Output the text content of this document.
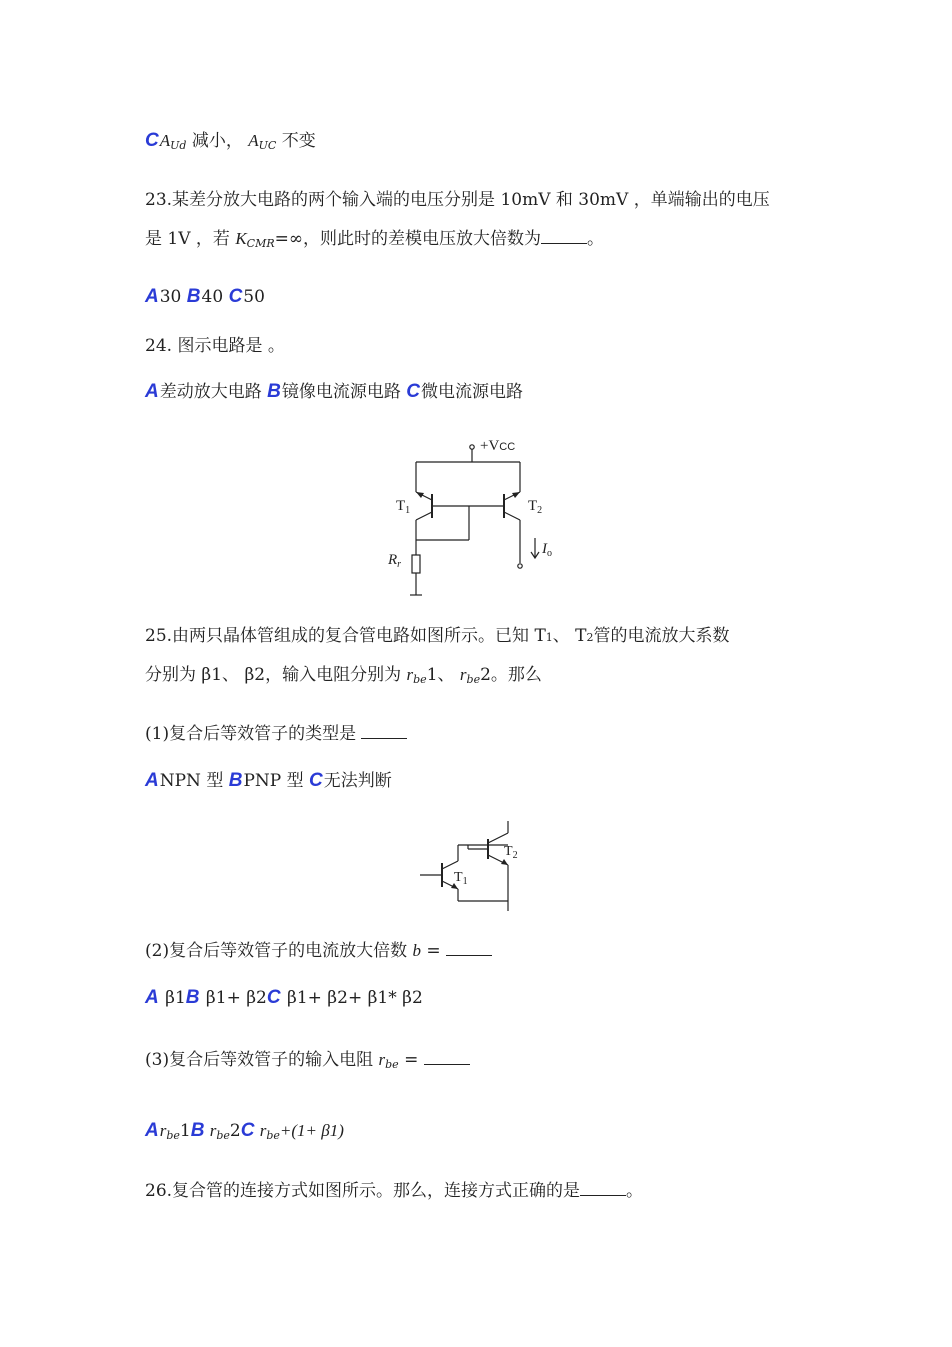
CAUd 减小， AUC 不变
23.某差分放大电路的两个输入端的电压分别是 10mV 和 30mV ，单端输出的电压
是 1V ，若 KCMR=∞，则此时的差模电压放大倍数为	。
A30 B40 C50
24. 图示电路是 。
A差动放大电路 B镜像电流源电路 C微电流源电路
+VCC
$T_1$	$T_2$
$R_r$
$I_o$
25.由两只晶体管组成的复合管电路如图所示。已知 T1、 T2管的电流放大系数
分别为 β1、 β2，输入电阻分别为 rbe1、 rbe2。那么
(1)复合后等效管子的类型是
ANPN 型 BPNP 型 C无法判断
$T_1$
$T_2$
(2)复合后等效管子的电流放大倍数 b =
A β1B β1+ β2C β1+ β2+ β1* β2
(3)复合后等效管子的输入电阻 rbe =
Arbe1B rbe2C rbe+(1+ β1)
26.复合管的连接方式如图所示。那么，连接方式正确的是	。
